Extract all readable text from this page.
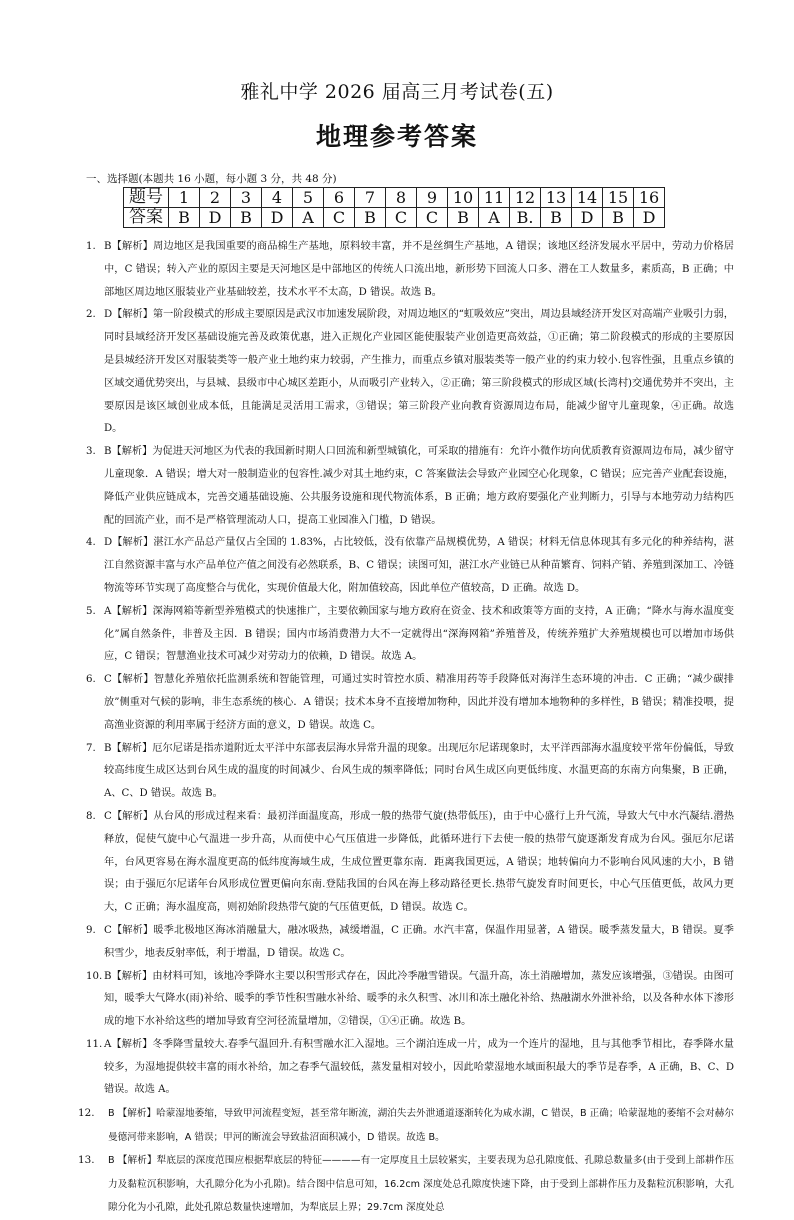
雅礼中学 2026 届高三月考试卷(五)
地理参考答案
一、选择题(本题共 16 小题，每小题 3 分，共 48 分)
题号	1	2	3	4	5	6	7	8	9	10	11	12	13	14	15	16
答案	B	D	B	D	A	C	B	C	C	B	A	B.	B	D	B	D
1. B【解析】周边地区是我国重要的商品棉生产基地，原料较丰富，并不是丝绸生产基地，A 错误；该地区经济发展水平居中，劳动力价格居中，C 错误；转入产业的原因主要是天河地区是中部地区的传统人口流出地，新形势下回流人口多、潜在工人数量多，素质高，B 正确；中部地区周边地区服装业产业基础较差，技术水平不太高，D 错误。故选 B。
2. D【解析】第一阶段模式的形成主要原因是武汉市加速发展阶段，对周边地区的“虹吸效应”突出，周边县域经济开发区对高端产业吸引力弱，同时县域经济开发区基础设施完善及政策优惠，进入正规化产业园区能使服装产业创造更高效益，①正确；第二阶段模式的形成的主要原因是县城经济开发区对服装类等一般产业土地约束力较弱，产生推力，而重点乡镇对服装类等一般产业的约束力较小.包容性强，且重点乡镇的区域交通优势突出，与县城、县级市中心城区差距小，从而吸引产业转入，②正确；第三阶段模式的形成区域(长湾村)交通优势并不突出，主要原因是该区域创业成本低，且能满足灵活用工需求，③错误；第三阶段产业向教育资源周边布局，能减少留守儿童现象，④正确。故选 D。
3. B【解析】为促进天河地区为代表的我国新时期人口回流和新型城镇化，可采取的措施有：允许小微作坊向优质教育资源周边布局，减少留守儿童现象．A 错误；增大对一般制造业的包容性.减少对其土地约束，C 答案做法会导致产业园空心化现象，C 错误；应完善产业配套设施，降低产业供应链成本，完善交通基础设施、公共服务设施和现代物流体系，B 正确；地方政府要强化产业判断力，引导与本地劳动力结构匹配的回流产业，而不是严格管理流动人口，提高工业园准入门槛，D 错误。
4. D【解析】湛江水产品总产量仅占全国的 1.83%，占比较低，没有依靠产品规模优势，A 错误；材料无信息体现其有多元化的种养结构，湛江自然资源丰富与水产品单位产值之间没有必然联系，B、C 错误；读图可知，湛江水产业链已从种苗繁育、饲料产销、养殖到深加工、冷链物流等环节实现了高度整合与优化，实现价值最大化，附加值较高，因此单位产值较高，D 正确。故选 D。
5. A【解析】深海网箱等新型养殖模式的快速推广，主要依赖国家与地方政府在资金、技术和政策等方面的支持，A 正确；“降水与海水温度变化”属自然条件，非普及主因．B 错误；国内市场消费潜力大不一定就得出“深海网箱”养殖普及，传统养殖扩大养殖规模也可以增加市场供应，C 错误；智慧渔业技术可减少对劳动力的依赖，D 错误。故选 A。
6. C【解析】智慧化养殖依托监测系统和智能管理，可通过实时管控水质、精准用药等手段降低对海洋生态环境的冲击．C 正确；“减少碳排放”侧重对气候的影响，非生态系统的核心．A 错误；技术本身不直接增加物种，因此并没有增加本地物种的多样性，B 错误；精准投喂，提高渔业资源的利用率属于经济方面的意义，D 错误。故选 C。
7. B【解析】厄尔尼诺是指赤道附近太平洋中东部表层海水异常升温的现象。出现厄尔尼诺现象时，太平洋西部海水温度较平常年份偏低，导致较高纬度生成区达到台风生成的温度的时间减少、台风生成的频率降低；同时台风生成区向更低纬度、水温更高的东南方向集聚，B 正确，A、C、D 错误。故选 B。
8. C【解析】从台风的形成过程来看：最初洋面温度高，形成一般的热带气旋(热带低压)，由于中心盛行上升气流，导致大气中水汽凝结.潜热释放，促使气旋中心气温进一步升高，从而使中心气压值进一步降低，此循环进行下去使一般的热带气旋逐渐发育成为台风。强厄尔尼诺年，台风更容易在海水温度更高的低纬度海域生成，生成位置更靠东南．距离我国更远，A 错误；地转偏向力不影响台风风速的大小，B 错误；由于强厄尔尼诺年台风形成位置更偏向东南.登陆我国的台风在海上移动路径更长.热带气旋发育时间更长，中心气压值更低，故风力更大，C 正确；海水温度高，则初始阶段热带气旋的气压值更低，D 错误。故选 C。
9. C【解析】暖季北极地区海冰消融量大，融冰吸热，减缓增温，C 正确。水汽丰富，保温作用显著，A 错误。暖季蒸发量大，B 错误。夏季积雪少，地表反射率低，利于增温，D 错误。故选 C。
10. B【解析】由材料可知，该地冷季降水主要以积雪形式存在，因此冷季融雪错误。气温升高，冻土消融增加，蒸发应该增强，③错误。由图可知，暖季大气降水(雨)补给、暖季的季节性积雪融水补给、暖季的永久积雪、冰川和冻土融化补给、热融湖水外泄补给，以及各种水体下渗形成的地下水补给这些的增加导致育空河径流量增加，②错误，①④正确。故选 B。
11. A【解析】冬季降雪量较大.春季气温回升.有积雪融水汇入湿地。三个湖泊连成一片，成为一个连片的湿地，且与其他季节相比，春季降水量较多，为湿地提供较丰富的雨水补给，加之春季气温较低，蒸发量相对较小，因此哈蒙湿地水域面积最大的季节是春季，A 正确，B、C、D 错误。故选 A。
12. B 【解析】哈蒙湿地萎缩，导致甲河流程变短，甚至常年断流，湖泊失去外泄通道逐渐转化为咸水湖，C 错误，B 正确；哈蒙湿地的萎缩不会对赫尔曼德河带来影响，A 错误；甲河的断流会导致盐沼面积减小，D 错误。故选 B。
13. B 【解析】犁底层的深度范围应根据犁底层的特征————有一定厚度且土层较紧实，主要表现为总孔隙度低、孔隙总数量多(由于受到上部耕作压力及黏粒沉积影响，大孔隙分化为小孔隙)。结合图中信息可知，16.2cm 深度处总孔隙度快速下降，由于受到上部耕作压力及黏粒沉积影响，大孔隙分化为小孔隙，此处孔隙总数量快速增加，为犁底层上界；29.7cm 深度处总
